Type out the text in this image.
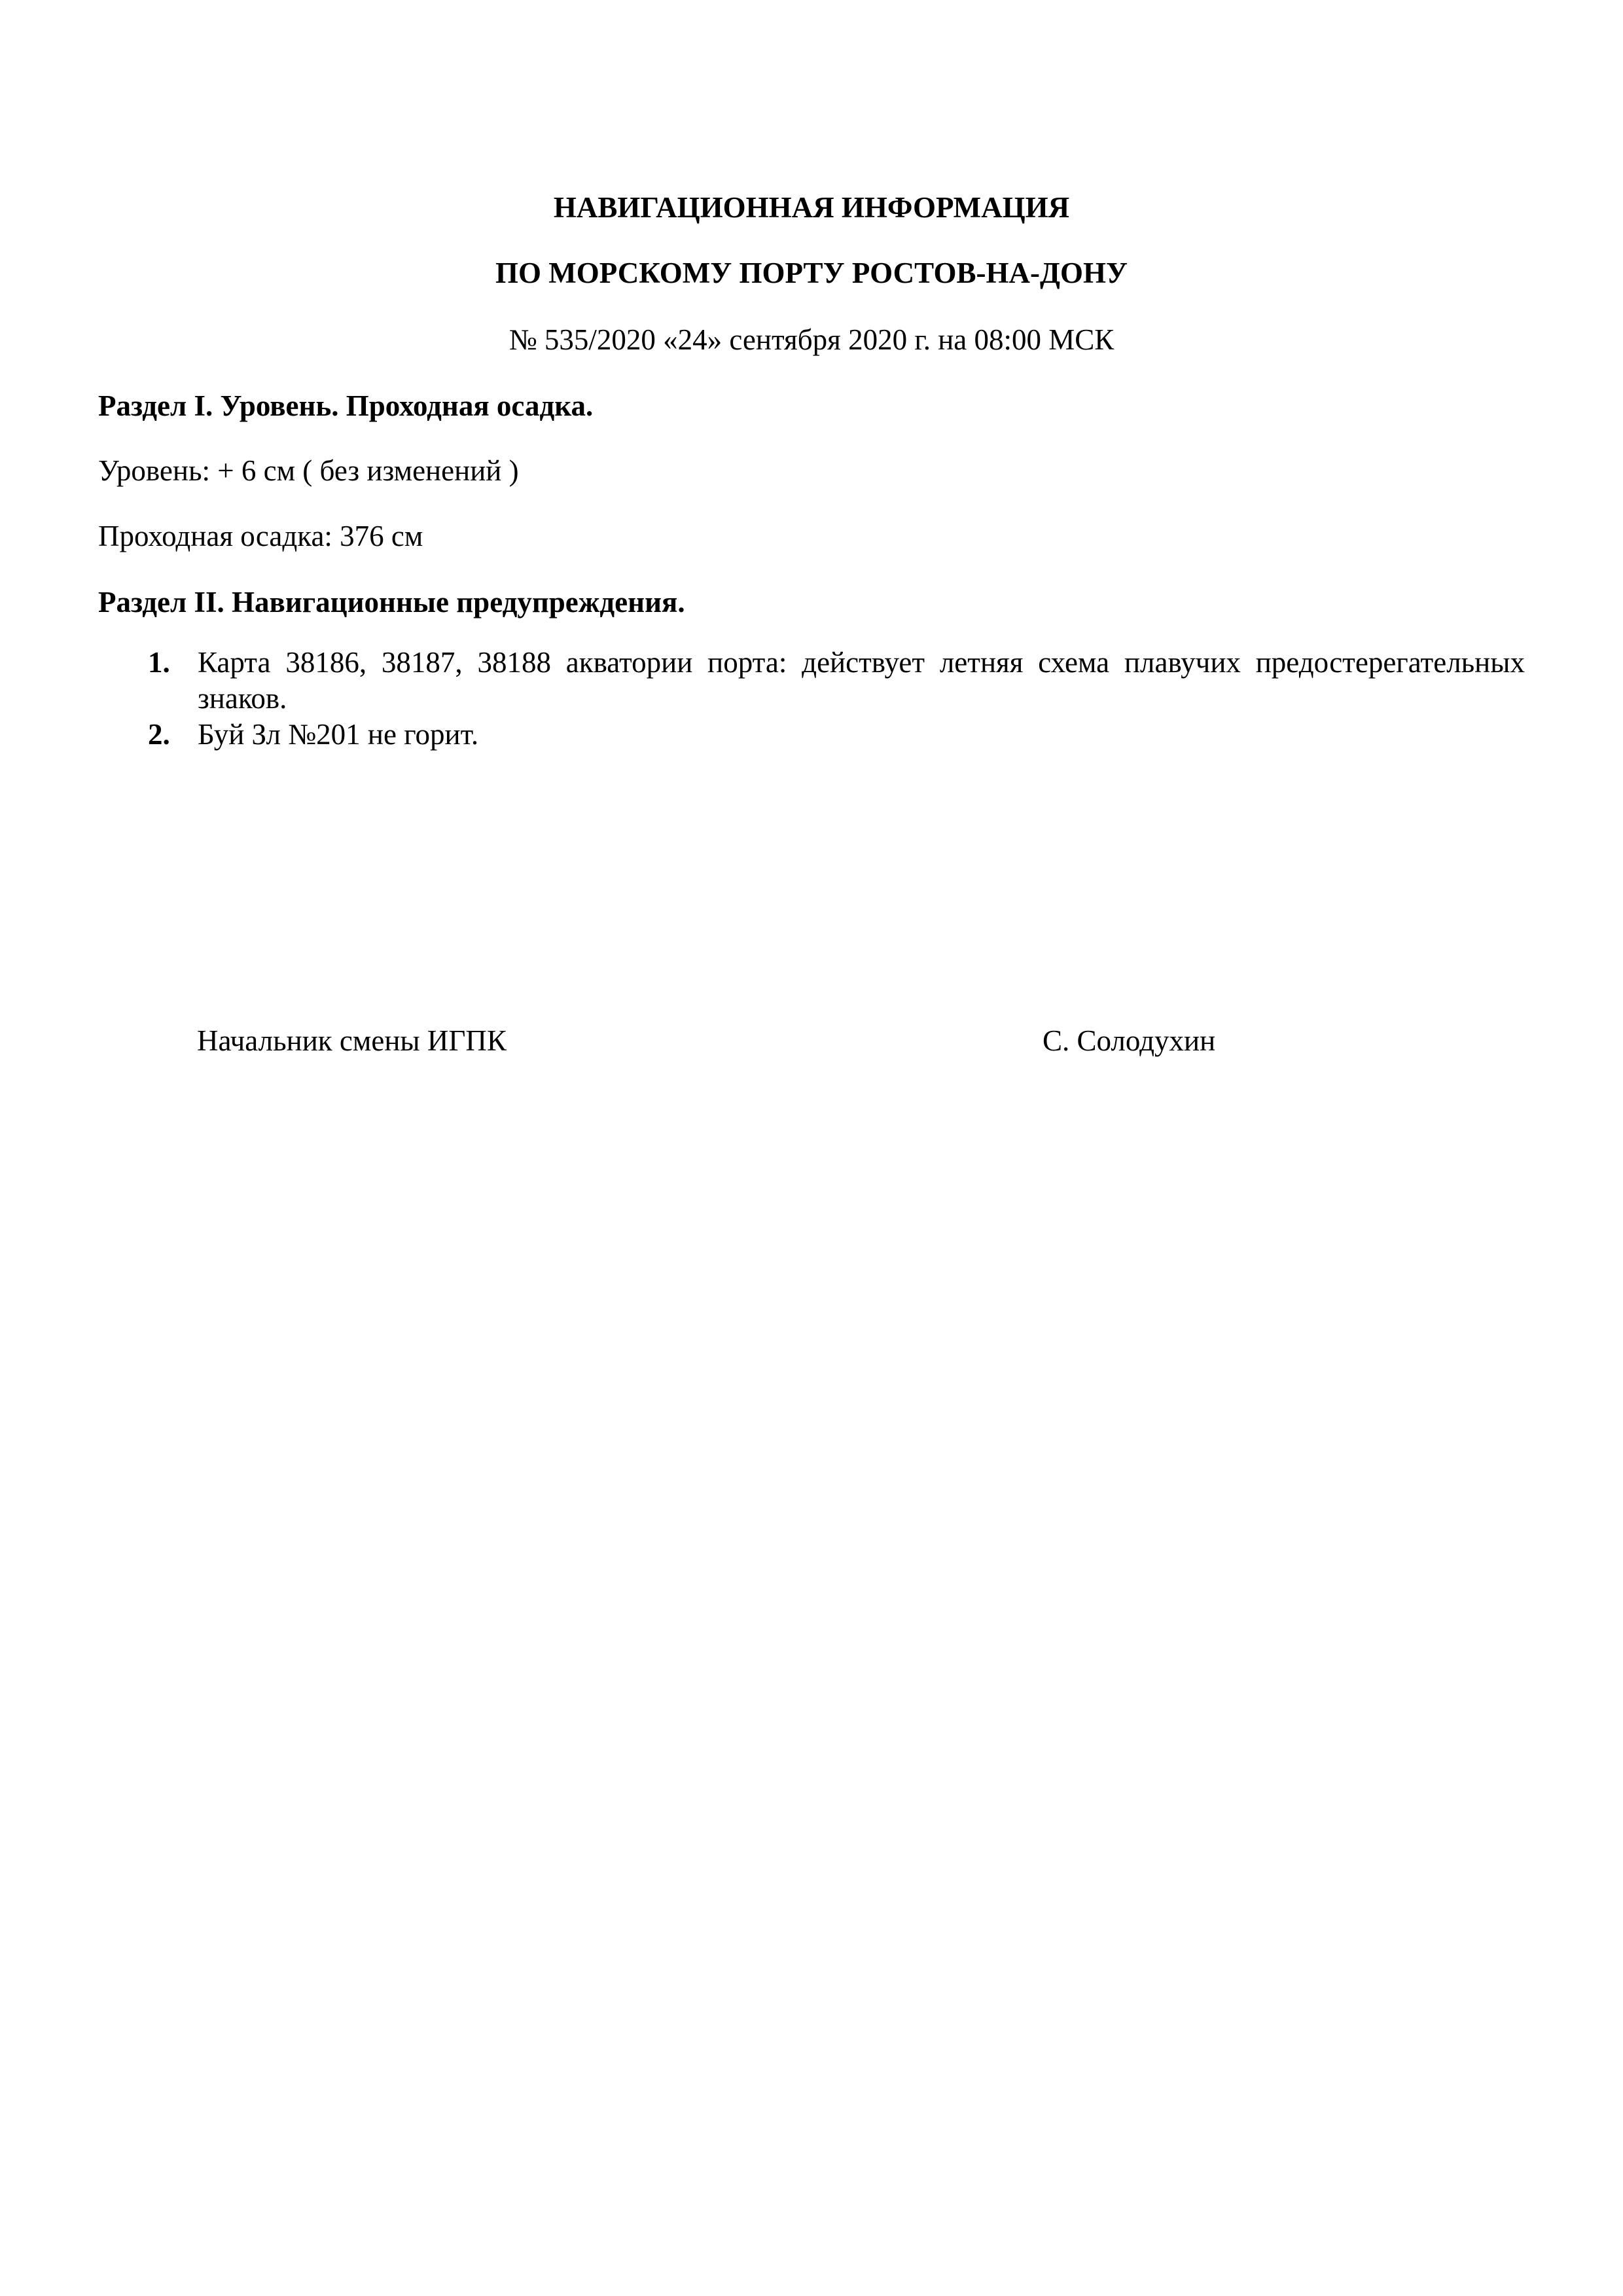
НАВИГАЦИОННАЯ ИНФОРМАЦИЯ
ПО МОРСКОМУ ПОРТУ РОСТОВ-НА-ДОНУ
№ 535/2020 «24» сентября 2020 г. на 08:00 МСК
Раздел I. Уровень. Проходная осадка.
Уровень: + 6 см ( без изменений )
Проходная осадка: 376 см
Раздел II. Навигационные предупреждения.
1. Карта 38186, 38187, 38188 акватории порта: действует летняя схема плавучих предостерегательных знаков.
2. Буй Зл №201 не горит.
Начальник смены ИГПК	С. Солодухин
